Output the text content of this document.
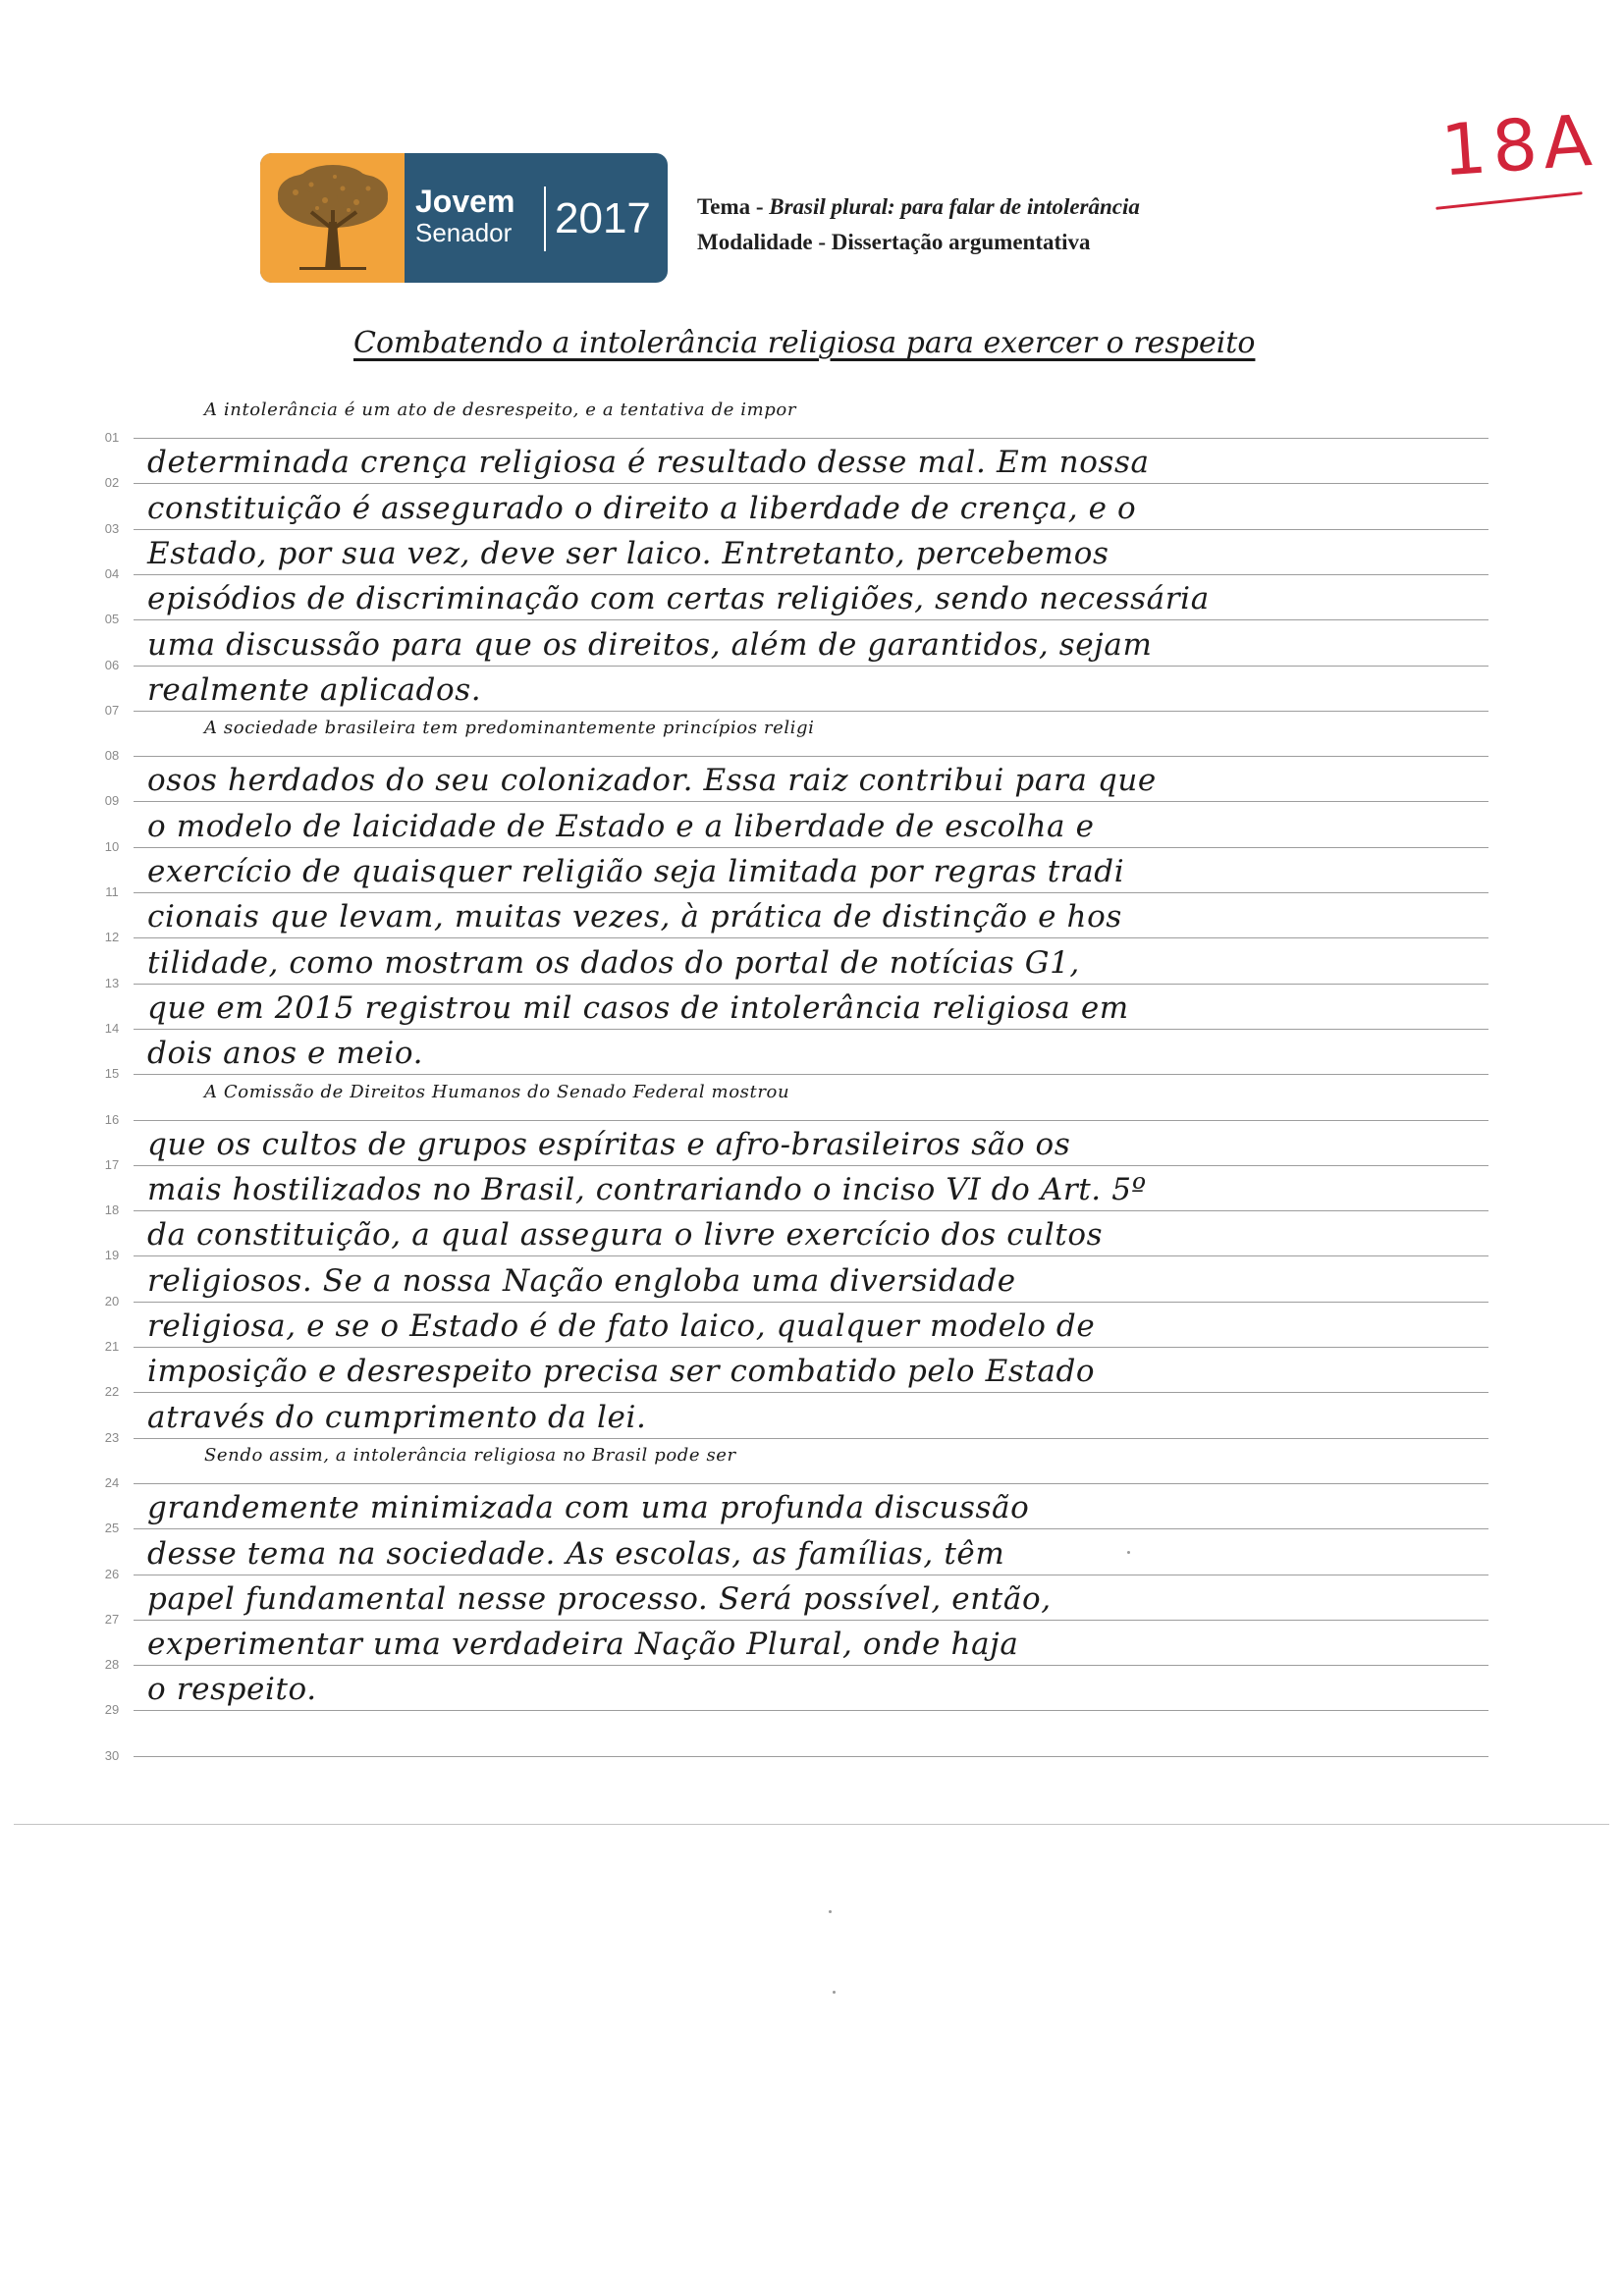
18A
Jovem
Senador 2017 Tema - Brasil plural: para falar de intolerância
Modalidade - Dissertação argumentativa
Combatendo a intolerância religiosa para exercer o respeito
01
A intolerância é um ato de desrespeito, e a tentativa de impor
02
determinada crença religiosa é resultado desse mal. Em nossa
03
constituição é assegurado o direito a liberdade de crença, e o
04
Estado, por sua vez, deve ser laico. Entretanto, percebemos
05
episódios de discriminação com certas religiões, sendo necessária
06
uma discussão para que os direitos, além de garantidos, sejam
07
realmente aplicados.
08
A sociedade brasileira tem predominantemente princípios religi
09
osos herdados do seu colonizador. Essa raiz contribui para que
10
o modelo de laicidade de Estado e a liberdade de escolha e
11
exercício de quaisquer religião seja limitada por regras tradi
12
cionais que levam, muitas vezes, à prática de distinção e hos
13
tilidade, como mostram os dados do portal de notícias G1,
14
que em 2015 registrou mil casos de intolerância religiosa em
15
dois anos e meio.
16
A Comissão de Direitos Humanos do Senado Federal mostrou
17
que os cultos de grupos espíritas e afro-brasileiros são os
18
mais hostilizados no Brasil, contrariando o inciso VI do Art. 5º
19
da constituição, a qual assegura o livre exercício dos cultos
20
religiosos. Se a nossa Nação engloba uma diversidade
21
religiosa, e se o Estado é de fato laico, qualquer modelo de
22
imposição e desrespeito precisa ser combatido pelo Estado
23
através do cumprimento da lei.
24
Sendo assim, a intolerância religiosa no Brasil pode ser
25
grandemente minimizada com uma profunda discussão
26
desse tema na sociedade. As escolas, as famílias, têm
27
papel fundamental nesse processo. Será possível, então,
28
experimentar uma verdadeira Nação Plural, onde haja
29
o respeito.
30
